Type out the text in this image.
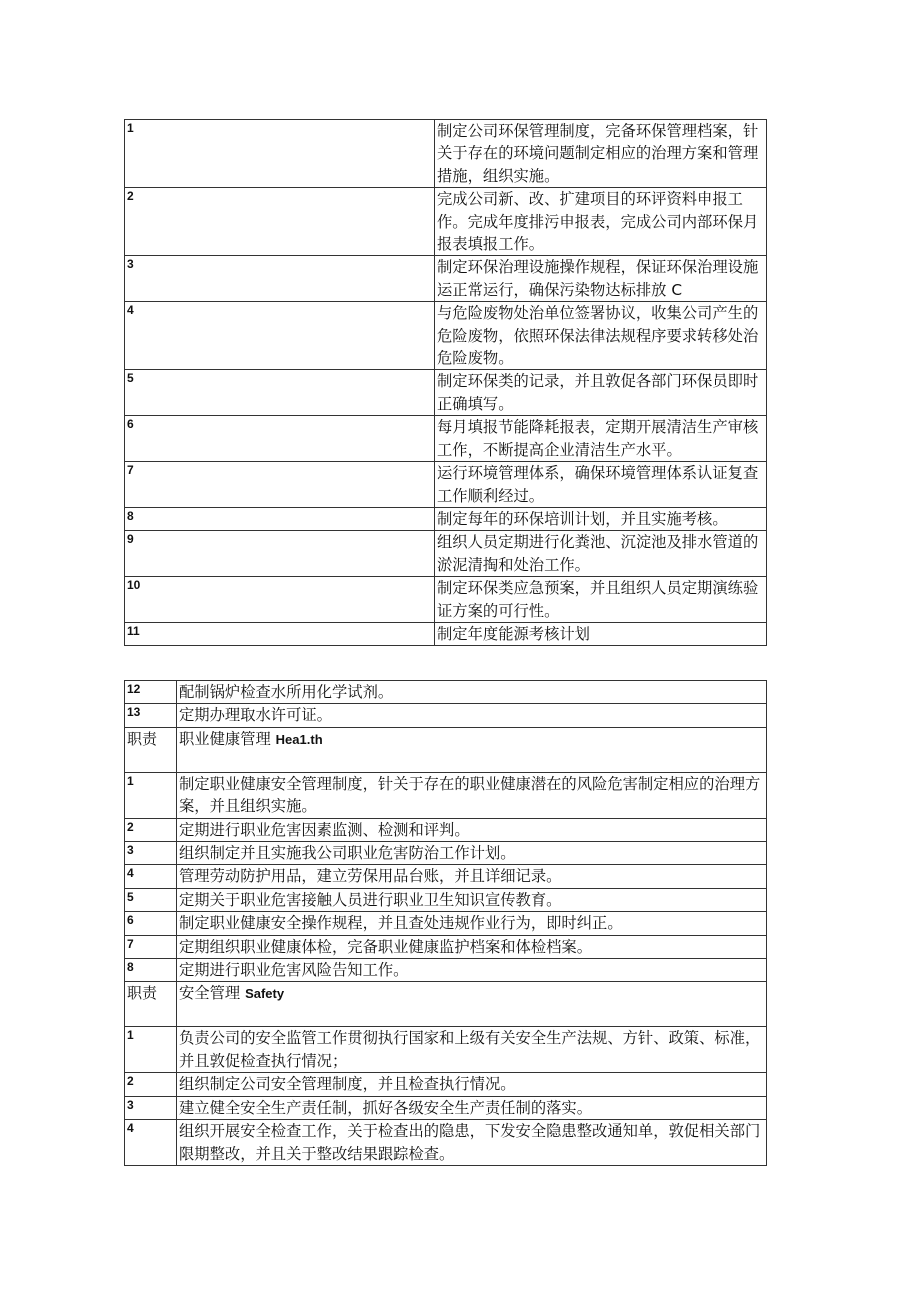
1	制定公司环保管理制度，完备环保管理档案，针关于存在的环境问题制定相应的治理方案和管理措施，组织实施。
2	完成公司新、改、扩建项目的环评资料申报工作。完成年度排污申报表，完成公司内部环保月报表填报工作。
3	制定环保治理设施操作规程，保证环保治理设施运正常运行，确保污染物达标排放 C
4	与危险废物处治单位签署协议，收集公司产生的危险废物，依照环保法律法规程序要求转移处治危险废物。
5	制定环保类的记录，并且敦促各部门环保员即时正确填写。
6	每月填报节能降耗报表，定期开展清洁生产审核工作，不断提高企业清洁生产水平。
7	运行环境管理体系，确保环境管理体系认证复查工作顺利经过。
8	制定每年的环保培训计划，并且实施考核。
9	组织人员定期进行化粪池、沉淀池及排水管道的淤泥清掏和处治工作。
10	制定环保类应急预案，并且组织人员定期演练验证方案的可行性。
11	制定年度能源考核计划
12	配制锅炉检查水所用化学试剂。
13	定期办理取水许可证。
职责	职业健康管理 Hea1.th
1	制定职业健康安全管理制度，针关于存在的职业健康潜在的风险危害制定相应的治理方案，并且组织实施。
2	定期进行职业危害因素监测、检测和评判。
3	组织制定并且实施我公司职业危害防治工作计划。
4	管理劳动防护用品，建立劳保用品台账，并且详细记录。
5	定期关于职业危害接触人员进行职业卫生知识宣传教育。
6	制定职业健康安全操作规程，并且查处违规作业行为，即时纠正。
7	定期组织职业健康体检，完备职业健康监护档案和体检档案。
8	定期进行职业危害风险告知工作。
职责	安全管理 Safety
1	负责公司的安全监管工作贯彻执行国家和上级有关安全生产法规、方针、政策、标准，并且敦促检查执行情况；
2	组织制定公司安全管理制度，并且检查执行情况。
3	建立健全安全生产责任制，抓好各级安全生产责任制的落实。
4	组织开展安全检查工作，关于检查出的隐患，下发安全隐患整改通知单，敦促相关部门限期整改，并且关于整改结果跟踪检查。
